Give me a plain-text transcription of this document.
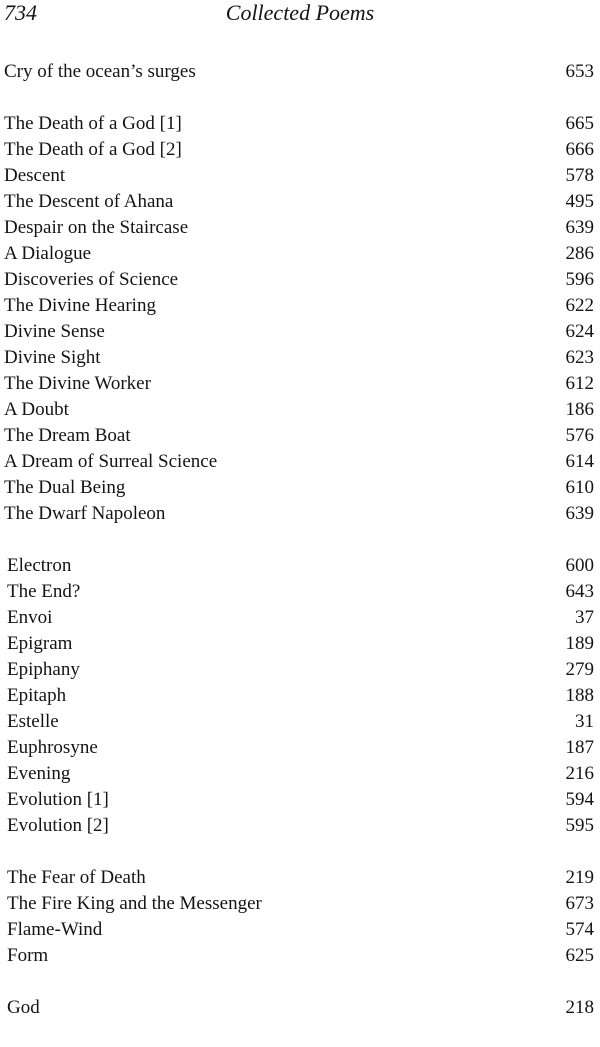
734	Collected Poems
Cry of the ocean’s surges	653
The Death of a God [1]	665
The Death of a God [2]	666
Descent	578
The Descent of Ahana	495
Despair on the Staircase	639
A Dialogue	286
Discoveries of Science	596
The Divine Hearing	622
Divine Sense	624
Divine Sight	623
The Divine Worker	612
A Doubt	186
The Dream Boat	576
A Dream of Surreal Science	614
The Dual Being	610
The Dwarf Napoleon	639
Electron	600
The End?	643
Envoi	37
Epigram	189
Epiphany	279
Epitaph	188
Estelle	31
Euphrosyne	187
Evening	216
Evolution [1]	594
Evolution [2]	595
The Fear of Death	219
The Fire King and the Messenger	673
Flame-Wind	574
Form	625
God	218
